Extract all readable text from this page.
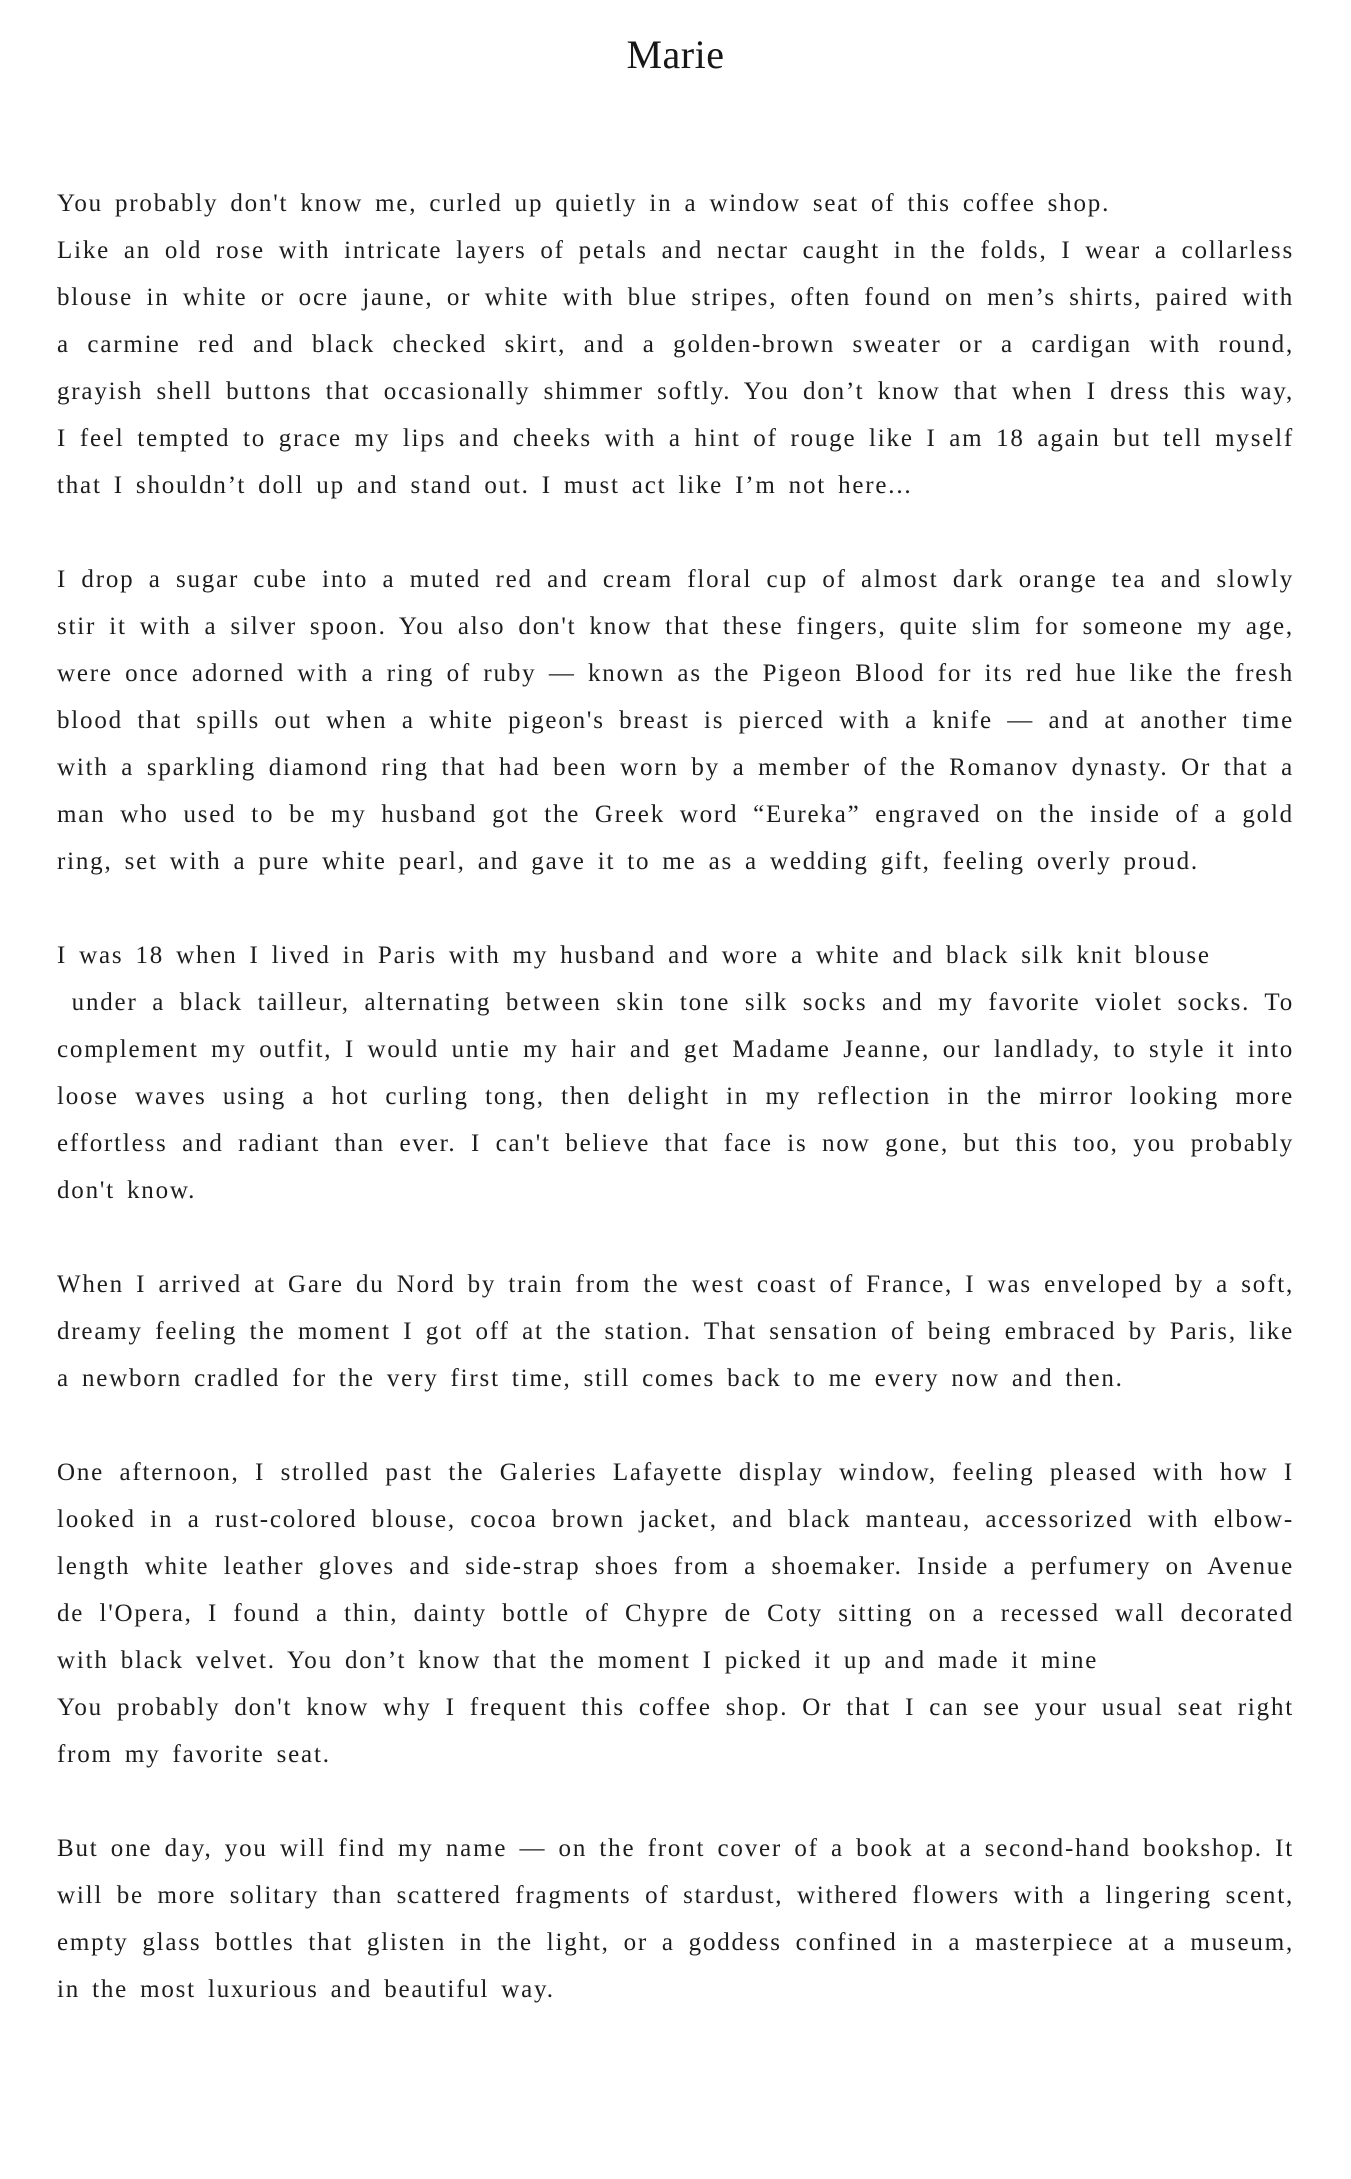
Marie

You probably don't know me, curled up quietly in a window seat of this coffee shop.
Like an old rose with intricate layers of petals and nectar caught in the folds, I wear a collarless blouse in white or ocre jaune, or white with blue stripes, often found on men’s shirts, paired with a carmine red and black checked skirt, and a golden-brown sweater or a cardigan with round, grayish shell buttons that occasionally shimmer softly. You don’t know that when I dress this way, I feel tempted to grace my lips and cheeks with a hint of rouge like I am 18 again but tell myself that I shouldn’t doll up and stand out. I must act like I’m not here...

I drop a sugar cube into a muted red and cream floral cup of almost dark orange tea and slowly stir it with a silver spoon. You also don't know that these fingers, quite slim for someone my age, were once adorned with a ring of ruby — known as the Pigeon Blood for its red hue like the fresh blood that spills out when a white pigeon's breast is pierced with a knife — and at another time with a sparkling diamond ring that had been worn by a member of the Romanov dynasty. Or that a man who used to be my husband got the Greek word “Eureka” engraved on the inside of a gold ring, set with a pure white pearl, and gave it to me as a wedding gift, feeling overly proud.

I was 18 when I lived in Paris with my husband and wore a white and black silk knit blouse
under a black tailleur, alternating between skin tone silk socks and my favorite violet socks. To complement my outfit, I would untie my hair and get Madame Jeanne, our landlady, to style it into loose waves using a hot curling tong, then delight in my reflection in the mirror looking more effortless and radiant than ever. I can't believe that face is now gone, but this too, you probably don't know.

When I arrived at Gare du Nord by train from the west coast of France, I was enveloped by a soft, dreamy feeling the moment I got off at the station. That sensation of being embraced by Paris, like a newborn cradled for the very first time, still comes back to me every now and then.

One afternoon, I strolled past the Galeries Lafayette display window, feeling pleased with how I looked in a rust-colored blouse, cocoa brown jacket, and black manteau, accessorized with elbow-length white leather gloves and side-strap shoes from a shoemaker. Inside a perfumery on Avenue de l'Opera, I found a thin, dainty bottle of Chypre de Coty sitting on a recessed wall decorated with black velvet. You don’t know that the moment I picked it up and made it mine
You probably don't know why I frequent this coffee shop. Or that I can see your usual seat right from my favorite seat.

But one day, you will find my name — on the front cover of a book at a second-hand bookshop. It will be more solitary than scattered fragments of stardust, withered flowers with a lingering scent, empty glass bottles that glisten in the light, or a goddess confined in a masterpiece at a museum, in the most luxurious and beautiful way.
